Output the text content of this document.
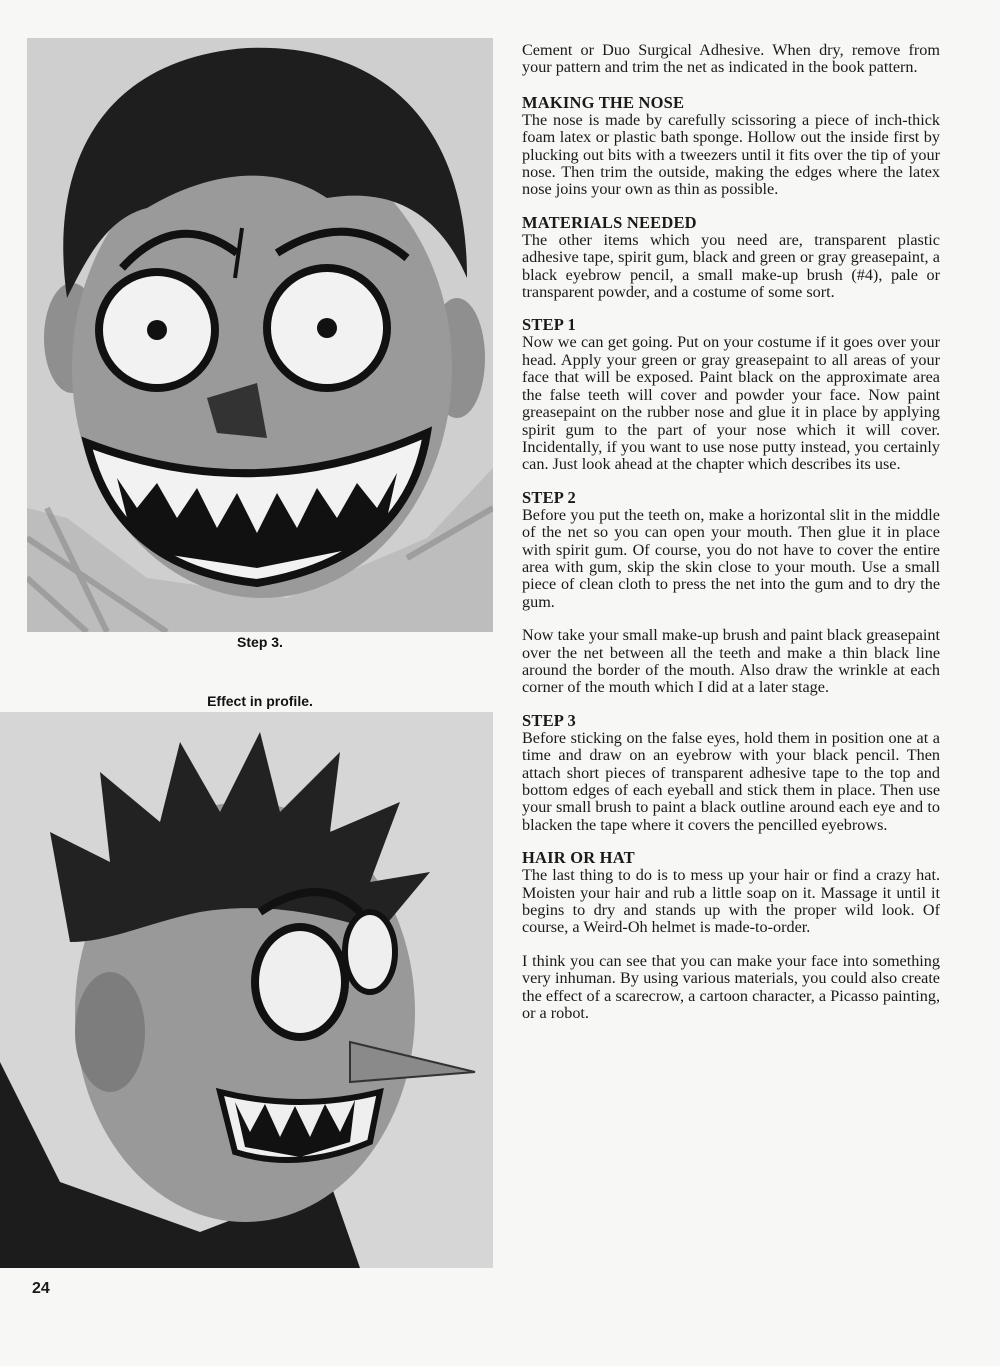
Step 3.
Effect in profile.
24

Cement or Duo Surgical Adhesive. When dry, remove from your pattern and trim the net as indicated in the book pattern.

MAKING THE NOSE

The nose is made by carefully scissoring a piece of inch-thick foam latex or plastic bath sponge. Hollow out the inside first by plucking out bits with a tweezers until it fits over the tip of your nose. Then trim the outside, making the edges where the latex nose joins your own as thin as possible.

MATERIALS NEEDED

The other items which you need are, transparent plastic adhesive tape, spirit gum, black and green or gray greasepaint, a black eyebrow pencil, a small make-up brush (#4), pale or transparent powder, and a costume of some sort.

STEP 1

Now we can get going. Put on your costume if it goes over your head. Apply your green or gray greasepaint to all areas of your face that will be exposed. Paint black on the approximate area the false teeth will cover and powder your face. Now paint greasepaint on the rubber nose and glue it in place by applying spirit gum to the part of your nose which it will cover. Incidentally, if you want to use nose putty instead, you certainly can. Just look ahead at the chapter which describes its use.

STEP 2

Before you put the teeth on, make a horizontal slit in the middle of the net so you can open your mouth. Then glue it in place with spirit gum. Of course, you do not have to cover the entire area with gum, skip the skin close to your mouth. Use a small piece of clean cloth to press the net into the gum and to dry the gum.

Now take your small make-up brush and paint black greasepaint over the net between all the teeth and make a thin black line around the border of the mouth. Also draw the wrinkle at each corner of the mouth which I did at a later stage.

STEP 3

Before sticking on the false eyes, hold them in position one at a time and draw on an eyebrow with your black pencil. Then attach short pieces of transparent adhesive tape to the top and bottom edges of each eyeball and stick them in place. Then use your small brush to paint a black outline around each eye and to blacken the tape where it covers the pencilled eyebrows.

HAIR OR HAT

The last thing to do is to mess up your hair or find a crazy hat. Moisten your hair and rub a little soap on it. Massage it until it begins to dry and stands up with the proper wild look. Of course, a Weird-Oh helmet is made-to-order.

I think you can see that you can make your face into something very inhuman. By using various materials, you could also create the effect of a scarecrow, a cartoon character, a Picasso painting, or a robot.
